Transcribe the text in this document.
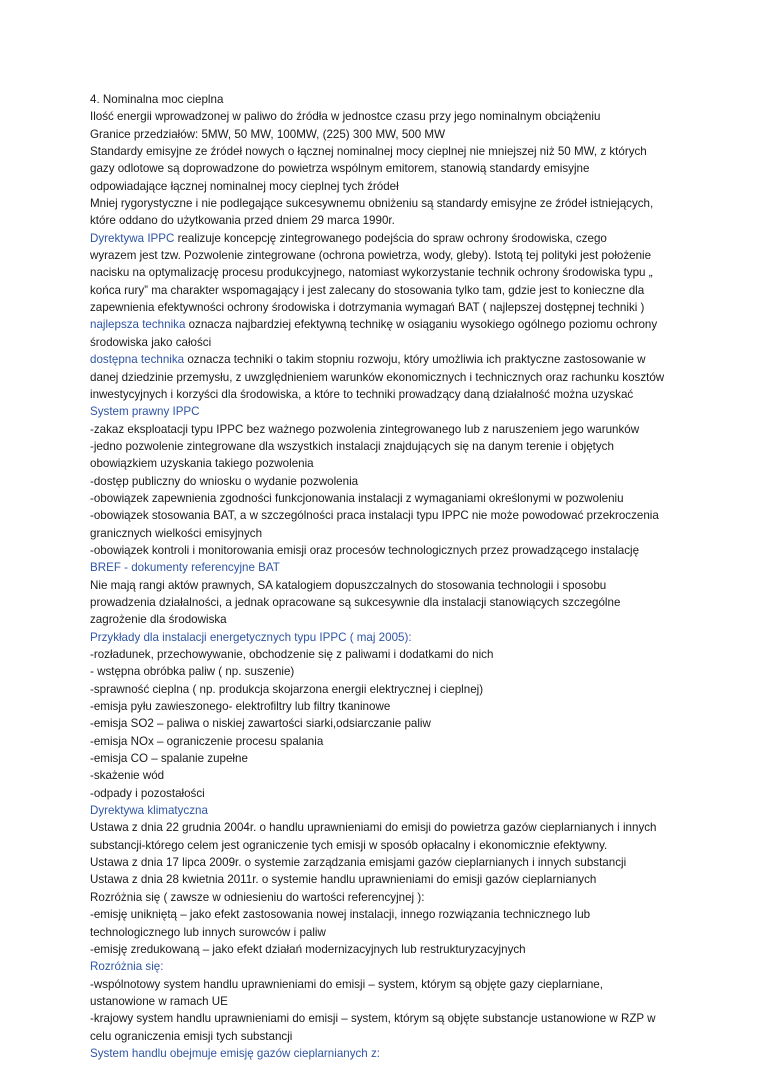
4. Nominalna moc cieplna
Ilość energii wprowadzonej w paliwo do źródła w jednostce czasu przy jego nominalnym obciążeniu
Granice przedziałów: 5MW, 50 MW, 100MW, (225) 300 MW, 500 MW
Standardy emisyjne ze źródeł nowych o łącznej nominalnej mocy cieplnej nie mniejszej niż 50 MW, z których
gazy odlotowe są doprowadzone do powietrza wspólnym emitorem, stanowią standardy emisyjne
odpowiadające łącznej nominalnej mocy cieplnej tych źródeł
Mniej rygorystyczne i nie podlegające sukcesywnemu obniżeniu są standardy emisyjne ze źródeł istniejących,
które oddano do użytkowania przed dniem 29 marca 1990r.
Dyrektywa IPPC realizuje koncepcję zintegrowanego podejścia do spraw ochrony środowiska, czego
wyrazem jest tzw. Pozwolenie zintegrowane (ochrona powietrza, wody, gleby). Istotą tej polityki jest położenie
nacisku na optymalizację procesu produkcyjnego, natomiast wykorzystanie technik ochrony środowiska typu „
końca rury” ma charakter wspomagający i jest zalecany do stosowania tylko tam, gdzie jest to konieczne dla
zapewnienia efektywności ochrony środowiska i dotrzymania wymagań BAT ( najlepszej dostępnej techniki )
najlepsza technika oznacza najbardziej efektywną technikę w osiąganiu wysokiego ogólnego poziomu ochrony
środowiska jako całości
dostępna technika oznacza techniki o takim stopniu rozwoju, który umożliwia ich praktyczne zastosowanie w
danej dziedzinie przemysłu, z uwzględnieniem warunków ekonomicznych i technicznych oraz rachunku kosztów
inwestycyjnych i korzyści dla środowiska, a które to techniki prowadzący daną działalność można uzyskać
System prawny IPPC
-zakaz eksploatacji typu IPPC bez ważnego pozwolenia zintegrowanego lub z naruszeniem jego warunków
-jedno pozwolenie zintegrowane dla wszystkich instalacji znajdujących się na danym terenie i objętych
obowiązkiem uzyskania takiego pozwolenia
-dostęp publiczny do wniosku o wydanie pozwolenia
-obowiązek zapewnienia zgodności funkcjonowania instalacji z wymaganiami określonymi w pozwoleniu
-obowiązek stosowania BAT, a w szczególności praca instalacji typu IPPC nie może powodować przekroczenia
granicznych wielkości emisyjnych
-obowiązek kontroli i monitorowania emisji oraz procesów technologicznych przez prowadzącego instalację
BREF - dokumenty referencyjne BAT
Nie mają rangi aktów prawnych, SA katalogiem dopuszczalnych do stosowania technologii i sposobu
prowadzenia działalności, a jednak opracowane są sukcesywnie dla instalacji stanowiących szczególne
zagrożenie dla środowiska
Przykłady dla instalacji energetycznych typu IPPC ( maj 2005):
-rozładunek, przechowywanie, obchodzenie się z paliwami i dodatkami do nich
- wstępna obróbka paliw ( np. suszenie)
-sprawność cieplna ( np. produkcja skojarzona energii elektrycznej i cieplnej)
-emisja pyłu zawieszonego- elektrofiltry lub filtry tkaninowe
-emisja SO2 – paliwa o niskiej zawartości siarki,odsiarczanie paliw
-emisja NOx – ograniczenie procesu spalania
-emisja CO – spalanie zupełne
-skażenie wód
-odpady i pozostałości
Dyrektywa klimatyczna
Ustawa z dnia 22 grudnia 2004r. o handlu uprawnieniami do emisji do powietrza gazów cieplarnianych i innych
substancji-którego celem jest ograniczenie tych emisji w sposób opłacalny i ekonomicznie efektywny.
Ustawa z dnia 17 lipca 2009r. o systemie zarządzania emisjami gazów cieplarnianych i innych substancji
Ustawa z dnia 28 kwietnia 2011r. o systemie handlu uprawnieniami do emisji gazów cieplarnianych
Rozróżnia się ( zawsze w odniesieniu do wartości referencyjnej ):
-emisję unikniętą – jako efekt zastosowania nowej instalacji, innego rozwiązania technicznego lub
technologicznego lub innych surowców i paliw
-emisję zredukowaną – jako efekt działań modernizacyjnych lub restrukturyzacyjnych
Rozróżnia się:
-wspólnotowy system handlu uprawnieniami do emisji – system, którym są objęte gazy cieplarniane,
ustanowione w ramach UE
-krajowy system handlu uprawnieniami do emisji – system, którym są objęte substancje ustanowione w RZP w
celu ograniczenia emisji tych substancji
System handlu obejmuje emisję gazów cieplarnianych z:
